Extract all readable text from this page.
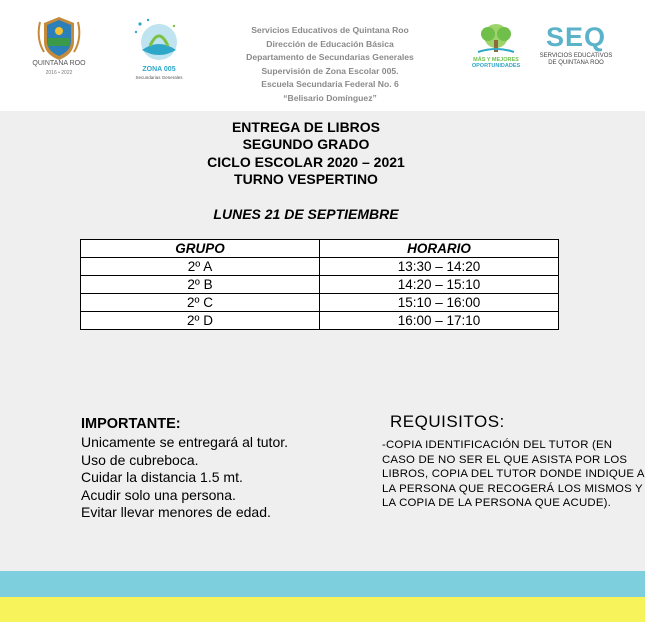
QUINTANA ROO
2016 • 2022	ZONA 005
Secundarias Generales
Servicios Educativos de Quintana Roo
Dirección de Educación Básica
Departamento de Secundarias Generales
Supervisión de Zona Escolar 005.
Escuela Secundaria Federal No. 6
“Belisario Domínguez”
MÁS Y MEJORES
OPORTUNIDADES
SEQ
SERVICIOS EDUCATIVOS
DE QUINTANA ROO
ENTREGA DE LIBROS
SEGUNDO GRADO
CICLO ESCOLAR 2020 – 2021
TURNO VESPERTINO
LUNES 21 DE SEPTIEMBRE
GRUPO	HORARIO
2º A	13:30 – 14:20
2º B	14:20 – 15:10
2º C	15:10 – 16:00
2º D	16:00 – 17:10
IMPORTANTE:
Unicamente se entregará al tutor.
Uso de cubreboca.
Cuidar la distancia 1.5 mt.
Acudir solo una persona.
Evitar llevar menores de edad.
REQUISITOS:
-COPIA IDENTIFICACIÓN DEL TUTOR (EN CASO DE NO SER EL QUE ASISTA POR LOS LIBROS, COPIA DEL TUTOR DONDE INDIQUE A LA PERSONA QUE RECOGERÁ LOS MISMOS Y LA COPIA DE LA PERSONA QUE ACUDE).
